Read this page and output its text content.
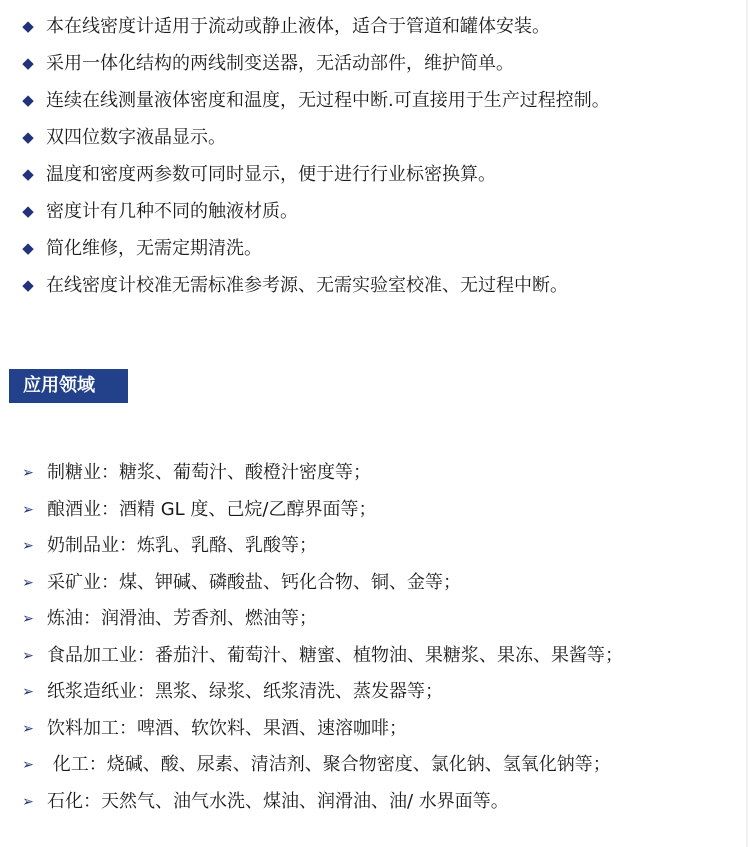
◆ 本在线密度计适用于流动或静止液体，适合于管道和罐体安装。
◆ 采用一体化结构的两线制变送器，无活动部件，维护简单。
◆ 连续在线测量液体密度和温度，无过程中断.可直接用于生产过程控制。
◆ 双四位数字液晶显示。
◆ 温度和密度两参数可同时显示，便于进行行业标密换算。
◆ 密度计有几种不同的触液材质。
◆ 简化维修，无需定期清洗。
◆ 在线密度计校准无需标准参考源、无需实验室校准、无过程中断。
应用领域
➢ 制糖业：糖浆、葡萄汁、酸橙汁密度等；
➢ 酿酒业：酒精 GL 度、己烷/乙醇界面等；
➢ 奶制品业：炼乳、乳酪、乳酸等；
➢ 采矿业：煤、钾碱、磷酸盐、钙化合物、铜、金等；
➢ 炼油：润滑油、芳香剂、燃油等；
➢ 食品加工业：番茄汁、葡萄汁、糖蜜、植物油、果糖浆、果冻、果酱等；
➢ 纸浆造纸业：黑浆、绿浆、纸浆清洗、蒸发器等；
➢ 饮料加工：啤酒、软饮料、果酒、速溶咖啡；
➢ 化工：烧碱、酸、尿素、清洁剂、聚合物密度、氯化钠、氢氧化钠等；
➢ 石化：天然气、油气水洗、煤油、润滑油、油/ 水界面等。
